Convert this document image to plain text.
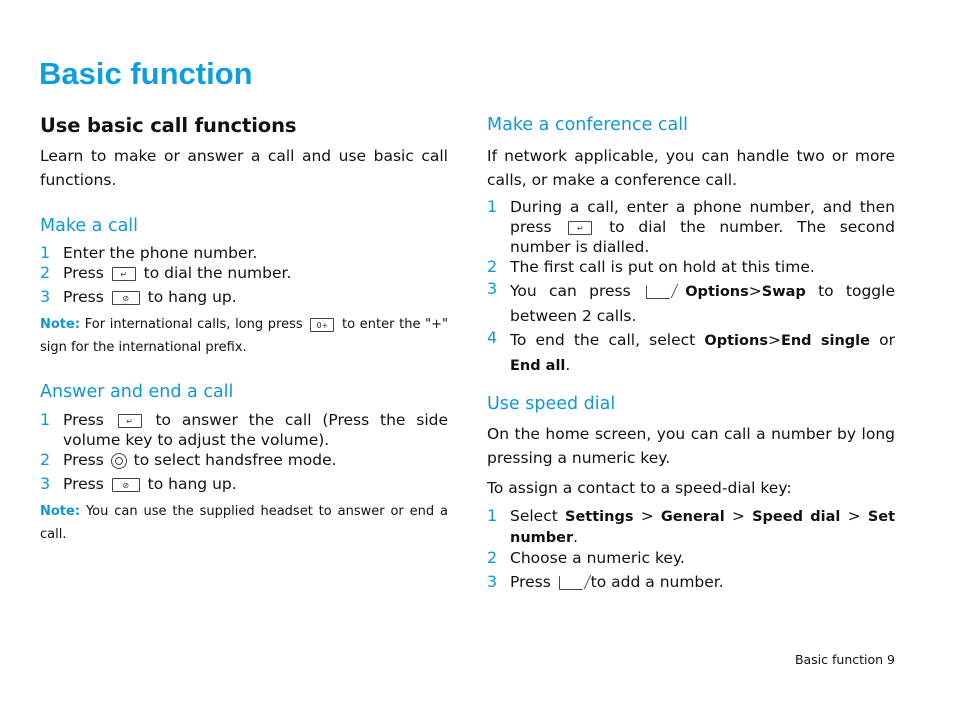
Basic function
Use basic call functions

Learn to make or answer a call and use basic call functions.

Make a call
1 Enter the phone number.
2 Press ↵ to dial the number.
3 Press ⊘ to hang up.

Note: For international calls, long press 0+ to enter the "+" sign for the international prefix.

Answer and end a call
1 Press	↵ to answer the call (Press the side volume key to adjust the volume).
2 Press to select handsfree mode.
3 Press ⊘ to hang up.

Note: You can use the supplied headset to answer or end a call.

Make a conference call

If network applicable, you can handle two or more calls, or make a conference call.

1 During a call, enter a phone number, and then press	↵ to dial the number. The second number is dialled.
2 The first call is put on hold at this time.
3 You can press	Options>Swap to toggle between 2 calls.
4 To end the call, select Options>End single or End all.
Use speed dial

On the home screen, you can call a number by long pressing a numeric key.

To assign a contact to a speed-dial key:

1 Select Settings > General > Speed dial > Set number.
2 Choose a numeric key.
3 Press	to add a number.
Basic function 9
